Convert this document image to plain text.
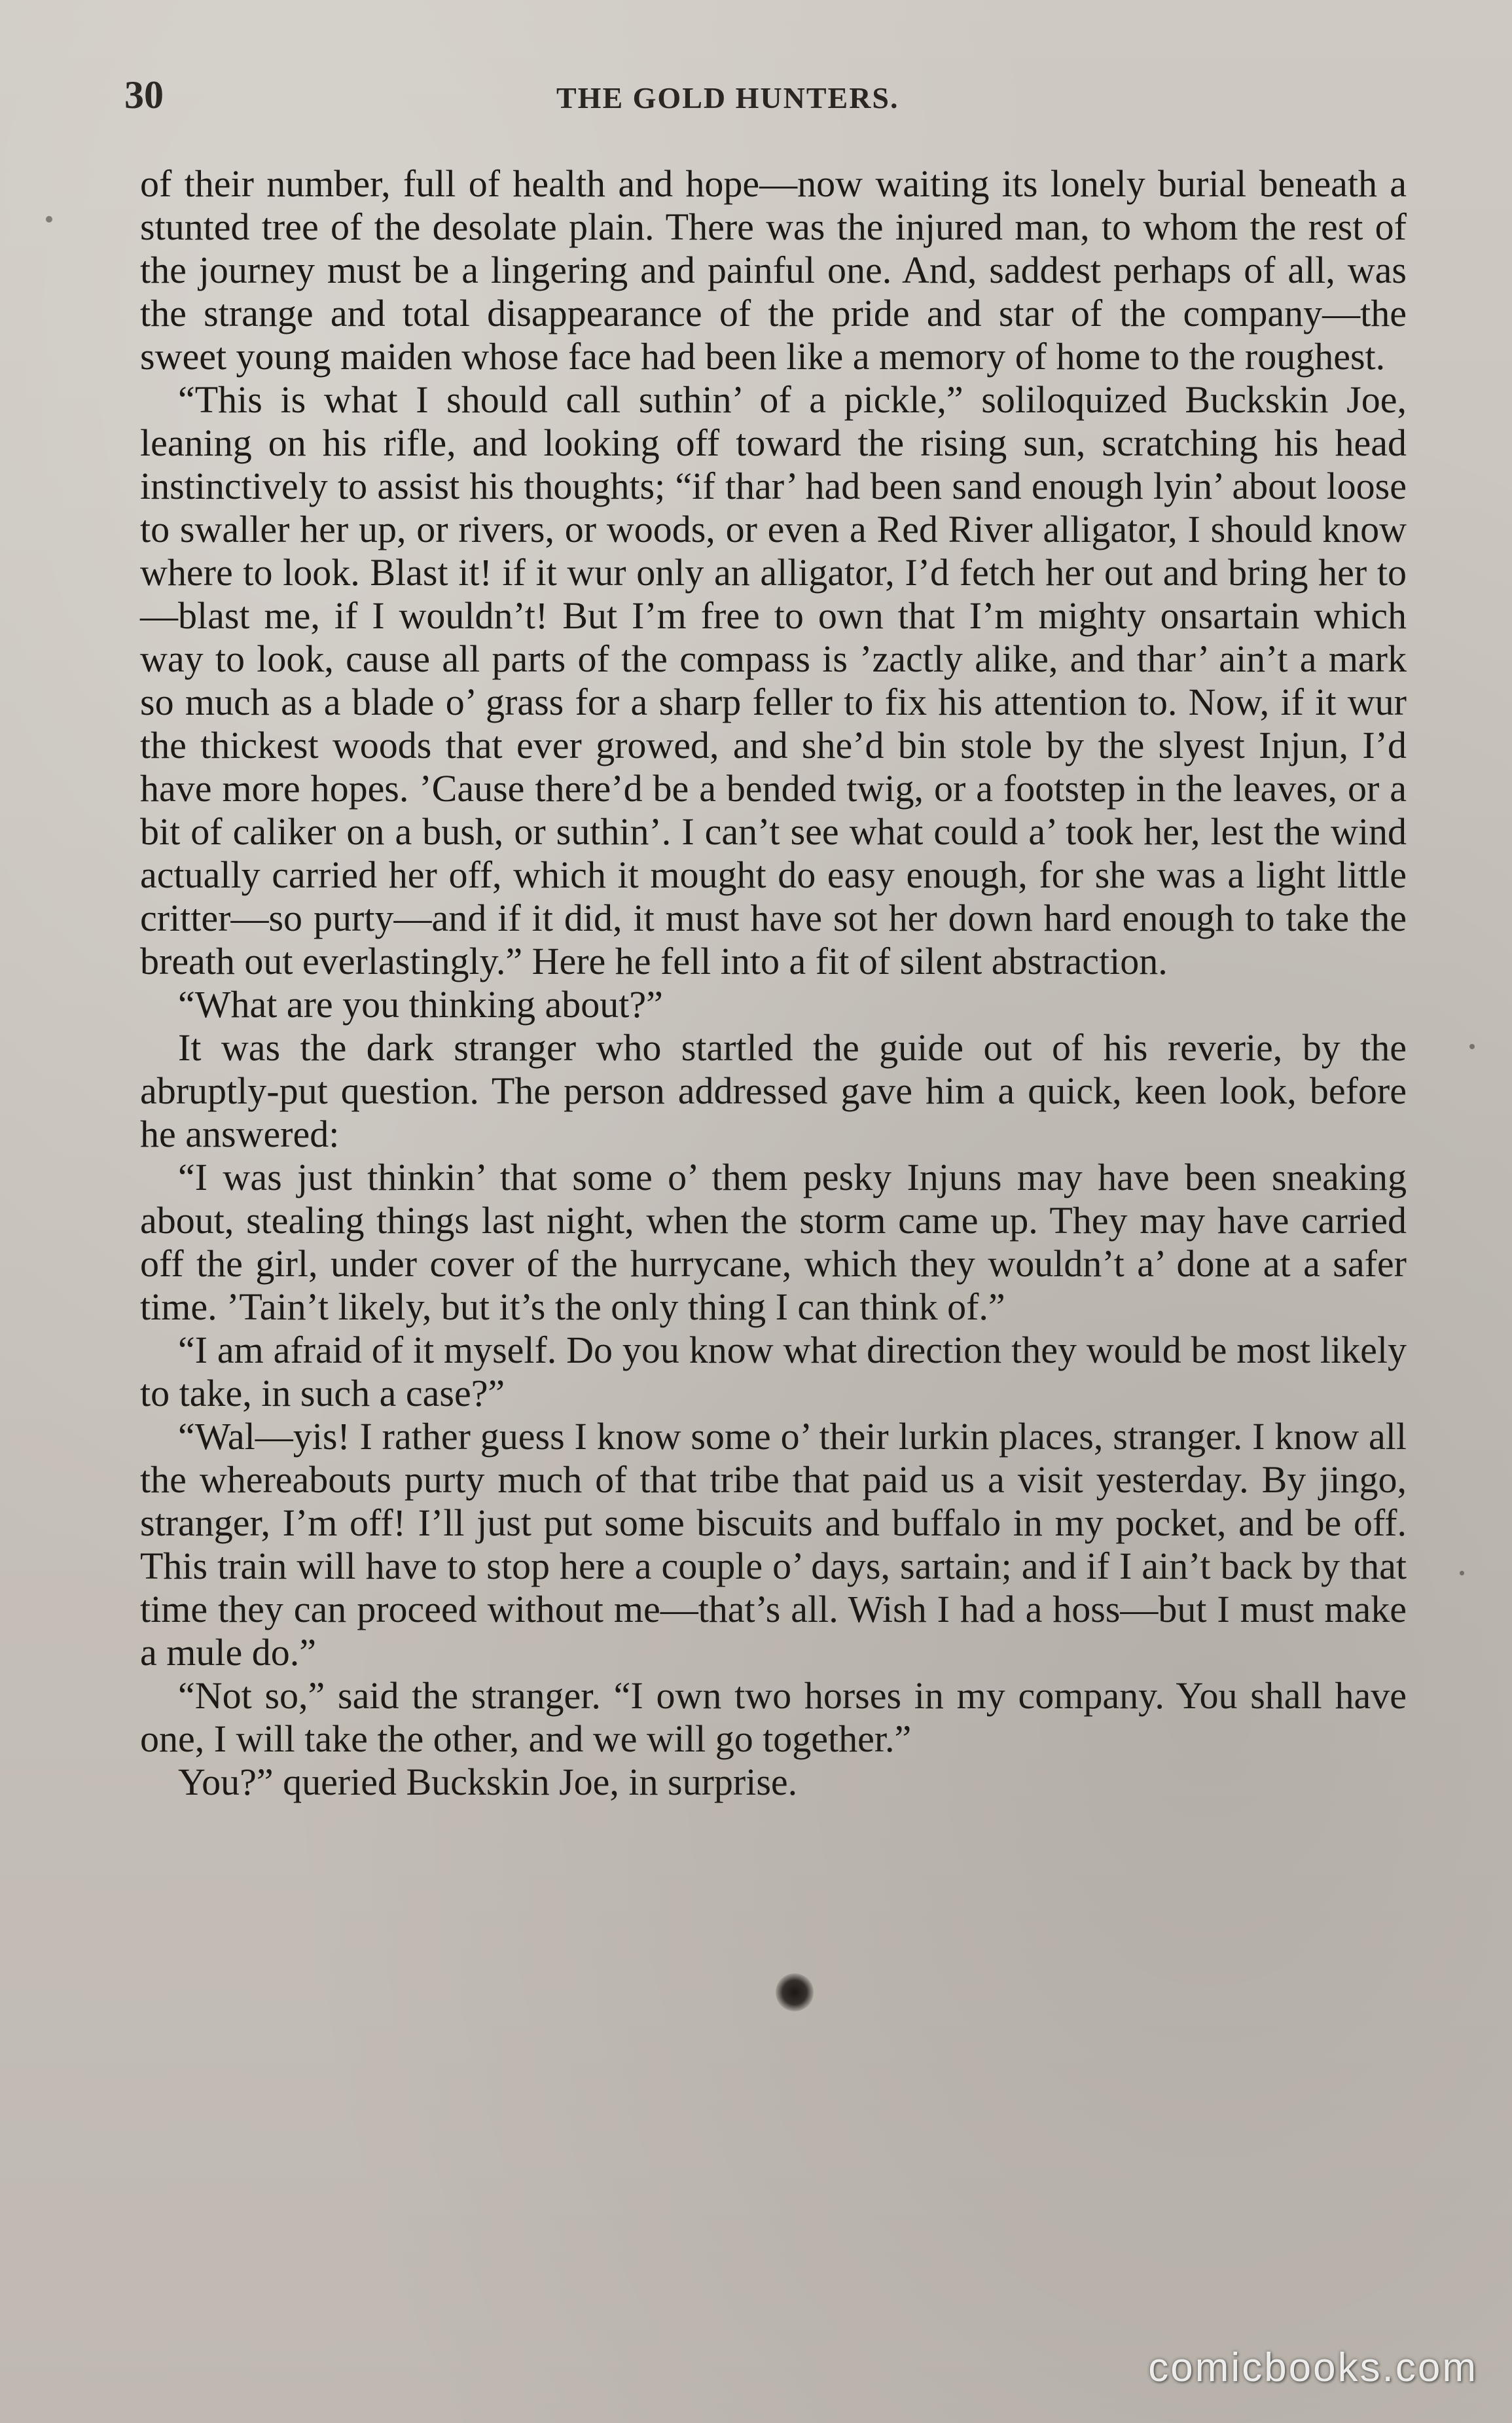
30	THE GOLD HUNTERS.

of their number, full of health and hope—now waiting its lonely burial beneath a stunted tree of the desolate plain. There was the injured man, to whom the rest of the journey must be a lingering and painful one. And, saddest perhaps of all, was the strange and total disappearance of the pride and star of the company—the sweet young maiden whose face had been like a memory of home to the roughest.

“This is what I should call suthin’ of a pickle,” soliloquized Buckskin Joe, leaning on his rifle, and looking off toward the rising sun, scratching his head instinctively to assist his thoughts; “if thar’ had been sand enough lyin’ about loose to swaller her up, or rivers, or woods, or even a Red River alligator, I should know where to look. Blast it! if it wur only an alligator, I’d fetch her out and bring her to—blast me, if I wouldn’t! But I’m free to own that I’m mighty onsartain which way to look, cause all parts of the compass is ’zactly alike, and thar’ ain’t a mark so much as a blade o’ grass for a sharp feller to fix his attention to. Now, if it wur the thickest woods that ever growed, and she’d bin stole by the slyest Injun, I’d have more hopes. ’Cause there’d be a bended twig, or a footstep in the leaves, or a bit of caliker on a bush, or suthin’. I can’t see what could a’ took her, lest the wind actually carried her off, which it mought do easy enough, for she was a light little critter—so purty—and if it did, it must have sot her down hard enough to take the breath out everlastingly.” Here he fell into a fit of silent abstraction.

“What are you thinking about?”

It was the dark stranger who startled the guide out of his reverie, by the abruptly-put question. The person addressed gave him a quick, keen look, before he answered:

“I was just thinkin’ that some o’ them pesky Injuns may have been sneaking about, stealing things last night, when the storm came up. They may have carried off the girl, under cover of the hurrycane, which they wouldn’t a’ done at a safer time. ’Tain’t likely, but it’s the only thing I can think of.”

“I am afraid of it myself. Do you know what direction they would be most likely to take, in such a case?”

“Wal—yis! I rather guess I know some o’ their lurkin places, stranger. I know all the whereabouts purty much of that tribe that paid us a visit yesterday. By jingo, stranger, I’m off! I’ll just put some biscuits and buffalo in my pocket, and be off. This train will have to stop here a couple o’ days, sartain; and if I ain’t back by that time they can proceed without me—that’s all. Wish I had a hoss—but I must make a mule do.”

“Not so,” said the stranger. “I own two horses in my company. You shall have one, I will take the other, and we will go together.”

You?” queried Buckskin Joe, in surprise.

comicbooks.com
